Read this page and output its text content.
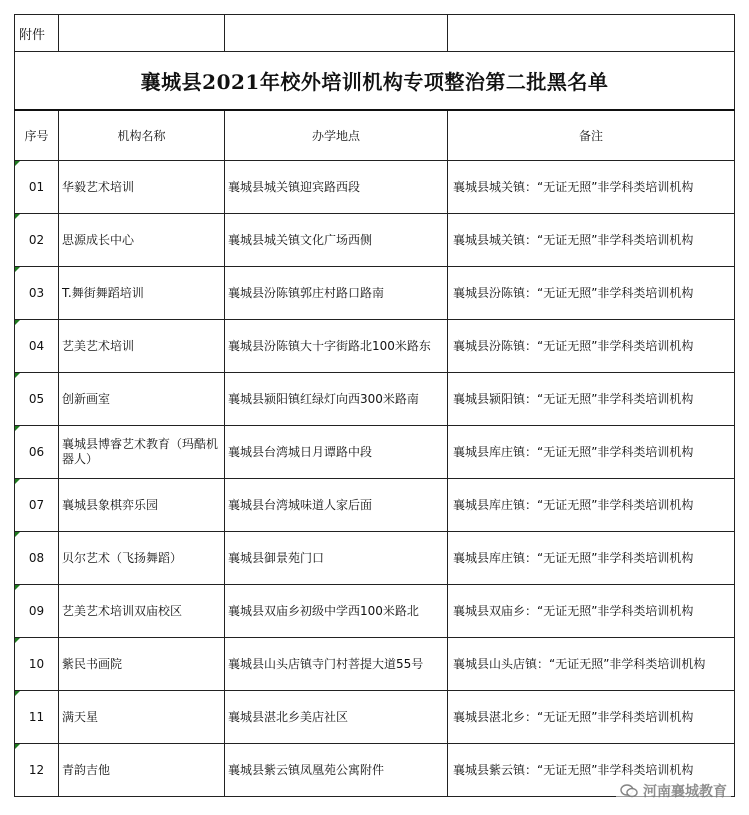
附件			
襄城县2021年校外培训机构专项整治第二批黑名单			
序号	机构名称	办学地点	备注
01	华毅艺术培训	襄城县城关镇迎宾路西段	襄城县城关镇：“无证无照”非学科类培训机构
02	思源成长中心	襄城县城关镇文化广场西侧	襄城县城关镇：“无证无照”非学科类培训机构
03	T.舞街舞蹈培训	襄城县汾陈镇郭庄村路口路南	襄城县汾陈镇：“无证无照”非学科类培训机构
04	艺美艺术培训	襄城县汾陈镇大十字街路北100米路东	襄城县汾陈镇：“无证无照”非学科类培训机构
05	创新画室	襄城县颍阳镇红绿灯向西300米路南	襄城县颍阳镇：“无证无照”非学科类培训机构
06	襄城县博睿艺术教育（玛酷机器人）	襄城县台湾城日月谭路中段	襄城县库庄镇：“无证无照”非学科类培训机构
07	襄城县象棋弈乐园	襄城县台湾城味道人家后面	襄城县库庄镇：“无证无照”非学科类培训机构
08	贝尔艺术（飞扬舞蹈）	襄城县御景苑门口	襄城县库庄镇：“无证无照”非学科类培训机构
09	艺美艺术培训双庙校区	襄城县双庙乡初级中学西100米路北	襄城县双庙乡：“无证无照”非学科类培训机构
10	紫民书画院	襄城县山头店镇寺门村菩提大道55号	襄城县山头店镇：“无证无照”非学科类培训机构
11	满天星	襄城县湛北乡美店社区	襄城县湛北乡：“无证无照”非学科类培训机构
12	青韵吉他	襄城县紫云镇凤凰苑公寓附件	襄城县紫云镇：“无证无照”非学科类培训机构
河南襄城教育
